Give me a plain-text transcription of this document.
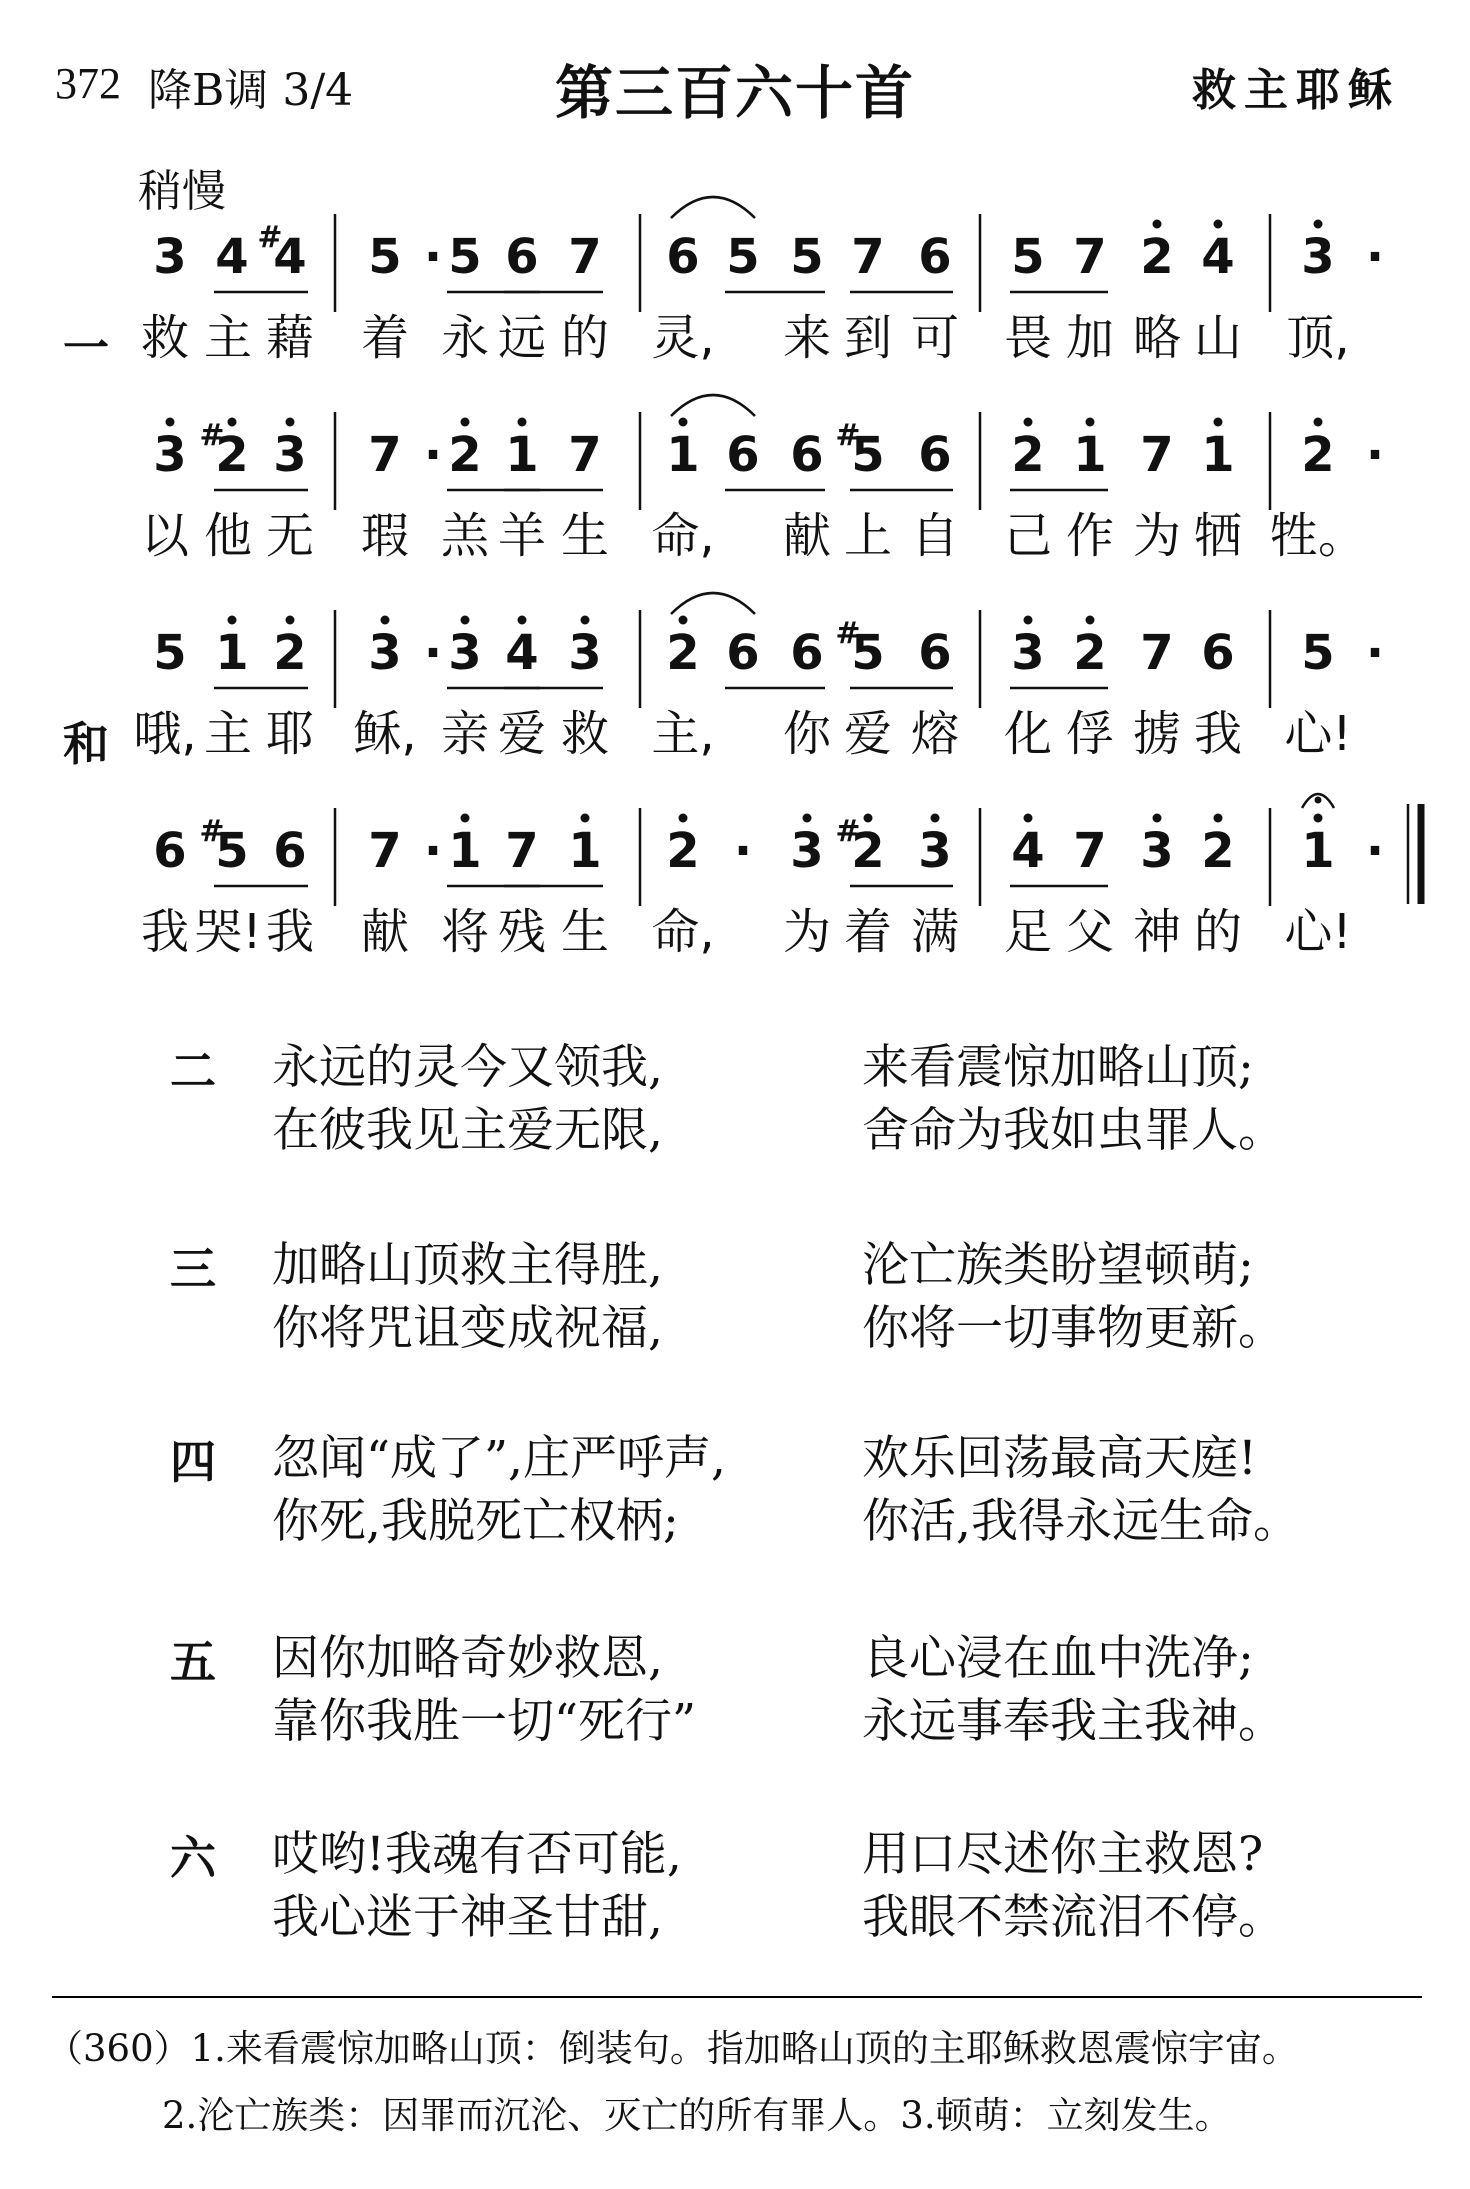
372 降B调 3/4	第三百六十首	救主耶稣
稍慢
一
3 4 4
# 5 · 5 6 7 6 5 5 7 6 5 7 2 4 3 ·
救 主 藉 着 永 远 的 灵, 来 到 可 畏 加 略 山 顶,
3 2
# 3 7 · 2 1 7 1 6 6 5
# 6 2 1 7 1 2 ·
以 他 无 瑕 羔 羊 生 命, 献 上 自 己 作 为 牺 牲。
和
5 1 2 3 · 3 4 3 2 6 6 5
# 6 3 2 7 6 5 ·
哦, 主 耶 稣, 亲 爱 救 主, 你 爱 熔 化 俘 掳 我 心!
6 5
# 6 7 · 1 7 1 2 · 3 2
# 3 4 7 3 2 1 ·
我 哭! 我 献 将 残 生 命, 为 着 满 足 父 神 的 心!
二 永远的灵今又领我,	来看震惊加略山顶;
在彼我见主爱无限,	舍命为我如虫罪人。
三 加略山顶救主得胜,	沦亡族类盼望顿萌;
你将咒诅变成祝福,	你将一切事物更新。
四 忽闻“成了”,庄严呼声,	欢乐回荡最高天庭!
你死,我脱死亡权柄;	你活,我得永远生命。
五 因你加略奇妙救恩,	良心浸在血中洗净;
靠你我胜一切“死行”	永远事奉我主我神。
六 哎哟!我魂有否可能,	用口尽述你主救恩?
我心迷于神圣甘甜,	我眼不禁流泪不停。
（360）1.来看震惊加略山顶：倒装句。指加略山顶的主耶稣救恩震惊宇宙。
2.沦亡族类：因罪而沉沦、灭亡的所有罪人。3.顿萌：立刻发生。
